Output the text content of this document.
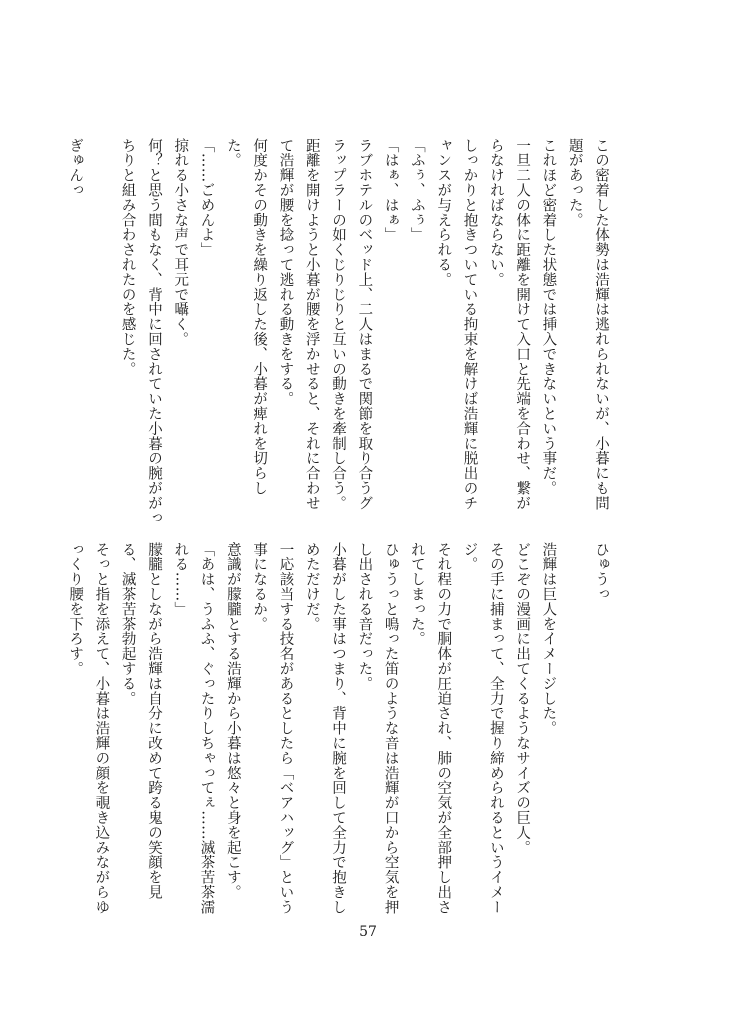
この密着した体勢は浩輝は逃れられないが、小暮にも問
題があった。
これほど密着した状態では挿入できないという事だ。
一旦二人の体に距離を開けて入口と先端を合わせ、繋が
らなければならない。
しっかりと抱きついている拘束を解けば浩輝に脱出のチ
ャンスが与えられる。
「ふぅ、ふぅ」
「はぁ、はぁ」
ラブホテルのベッド上、二人はまるで関節を取り合うグ
ラップラーの如くじりじりと互いの動きを牽制し合う。
距離を開けようと小暮が腰を浮かせると、それに合わせ
て浩輝が腰を捻って逃れる動きをする。
何度かその動きを繰り返した後、小暮が痺れを切らし
た。
「……ごめんよ」
掠れる小さな声で耳元で囁く。
何？と思う間もなく、背中に回されていた小暮の腕ががっ
ちりと組み合わされたのを感じた。

ぎゅんっ
ひゅうっ

浩輝は巨人をイメージした。
どこぞの漫画に出てくるようなサイズの巨人。
その手に捕まって、全力で握り締められるというイメー
ジ。
それ程の力で胴体が圧迫され、肺の空気が全部押し出さ
れてしまった。
ひゅうっと鳴った笛のような音は浩輝が口から空気を押
し出される音だった。
小暮がした事はつまり、背中に腕を回して全力で抱きし
めただけだ。
一応該当する技名があるとしたら「ベアハッグ」という
事になるか。
意識が朦朧とする浩輝から小暮は悠々と身を起こす。
「あは、うふふ、ぐったりしちゃってぇ……滅茶苦茶濡
れる……」
朦朧としながら浩輝は自分に改めて跨る鬼の笑顔を見
る、滅茶苦茶勃起する。
そっと指を添えて、小暮は浩輝の顔を覗き込みながらゆ
っくり腰を下ろす。
57
